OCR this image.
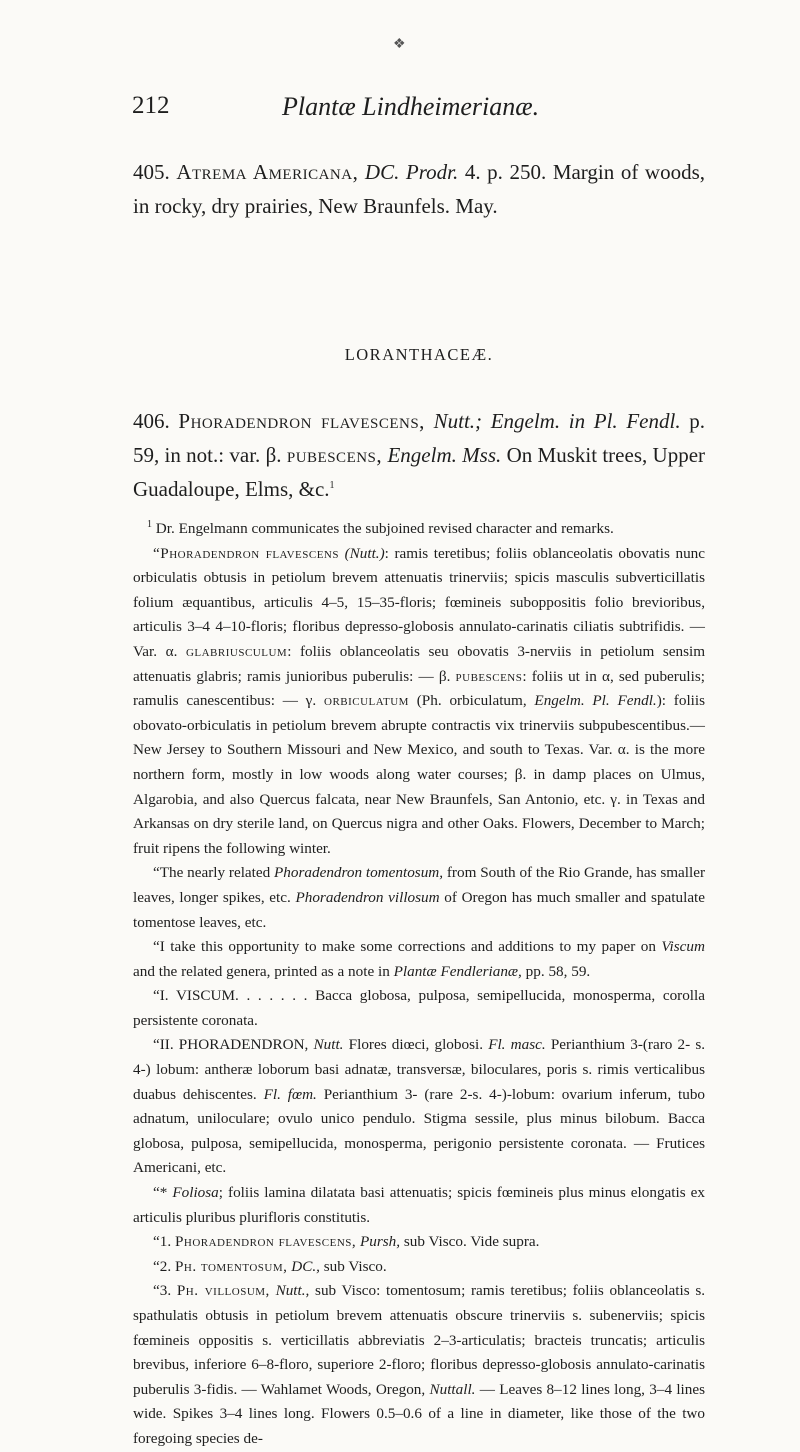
❖
212	Plantæ Lindheimerianæ.
405. Atrema Americana, DC. Prodr. 4. p. 250. Margin of woods, in rocky, dry prairies, New Braunfels. May.
LORANTHACEÆ.
406. Phoradendron flavescens, Nutt.; Engelm. in Pl. Fendl. p. 59, in not.: var. β. pubescens, Engelm. Mss. On Muskit trees, Upper Guadaloupe, Elms, &c.$^1$

$^1$ Dr. Engelmann communicates the subjoined revised character and remarks.

“Phoradendron flavescens (Nutt.): ramis teretibus; foliis oblanceolatis obovatis nunc orbiculatis obtusis in petiolum brevem attenuatis trinerviis; spicis masculis subverticillatis folium æquantibus, articulis 4–5, 15–35-floris; fœmineis suboppositis folio brevioribus, articulis 3–4 4–10-floris; floribus depresso-globosis annulato-carinatis ciliatis subtrifidis. — Var. α. glabriusculum: foliis oblanceolatis seu obovatis 3-nerviis in petiolum sensim attenuatis glabris; ramis junioribus puberulis: — β. pubescens: foliis ut in α, sed puberulis; ramulis canescentibus: — γ. orbiculatum (Ph. orbiculatum, Engelm. Pl. Fendl.): foliis obovato-orbiculatis in petiolum brevem abrupte contractis vix trinerviis subpubescentibus.— New Jersey to Southern Missouri and New Mexico, and south to Texas. Var. α. is the more northern form, mostly in low woods along water courses; β. in damp places on Ulmus, Algarobia, and also Quercus falcata, near New Braunfels, San Antonio, etc. γ. in Texas and Arkansas on dry sterile land, on Quercus nigra and other Oaks. Flowers, December to March; fruit ripens the following winter.

“The nearly related Phoradendron tomentosum, from South of the Rio Grande, has smaller leaves, longer spikes, etc. Phoradendron villosum of Oregon has much smaller and spatulate tomentose leaves, etc.

“I take this opportunity to make some corrections and additions to my paper on Viscum and the related genera, printed as a note in Plantæ Fendlerianæ, pp. 58, 59.

“I. VISCUM. . . . . . . Bacca globosa, pulposa, semipellucida, monosperma, corolla persistente coronata.

“II. PHORADENDRON, Nutt. Flores diœci, globosi. Fl. masc. Perianthium 3-(raro 2- s. 4-) lobum: antheræ loborum basi adnatæ, transversæ, biloculares, poris s. rimis verticalibus duabus dehiscentes. Fl. fœm. Perianthium 3- (rare 2-s. 4-)-lobum: ovarium inferum, tubo adnatum, uniloculare; ovulo unico pendulo. Stigma sessile, plus minus bilobum. Bacca globosa, pulposa, semipellucida, monosperma, perigonio persistente coronata. — Frutices Americani, etc.

“* Foliosa; foliis lamina dilatata basi attenuatis; spicis fœmineis plus minus elongatis ex articulis pluribus plurifloris constitutis.

“1. Phoradendron flavescens, Pursh, sub Visco. Vide supra.

“2. Ph. tomentosum, DC., sub Visco.

“3. Ph. villosum, Nutt., sub Visco: tomentosum; ramis teretibus; foliis oblanceolatis s. spathulatis obtusis in petiolum brevem attenuatis obscure trinerviis s. subenerviis; spicis fœmineis oppositis s. verticillatis abbreviatis 2–3-articulatis; bracteis truncatis; articulis brevibus, inferiore 6–8-floro, superiore 2-floro; floribus depresso-globosis annulato-carinatis puberulis 3-fidis. — Wahlamet Woods, Oregon, Nuttall. — Leaves 8–12 lines long, 3–4 lines wide. Spikes 3–4 lines long. Flowers 0.5–0.6 of a line in diameter, like those of the two foregoing species de-
